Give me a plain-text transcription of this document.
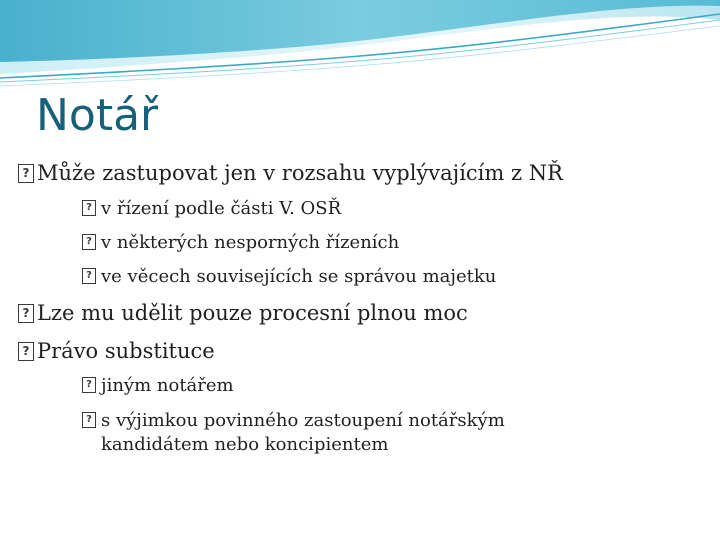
Notář
?Může zastupovat jen v rozsahu vyplývajícím z NŘ
?v řízení podle části V. OSŘ
?v některých nesporných řízeních
?ve věcech souvisejících se správou majetku
?Lze mu udělit pouze procesní plnou moc
?Právo substituce
?jiným notářem
?s výjimkou povinného zastoupení notářským
kandidátem nebo koncipientem
